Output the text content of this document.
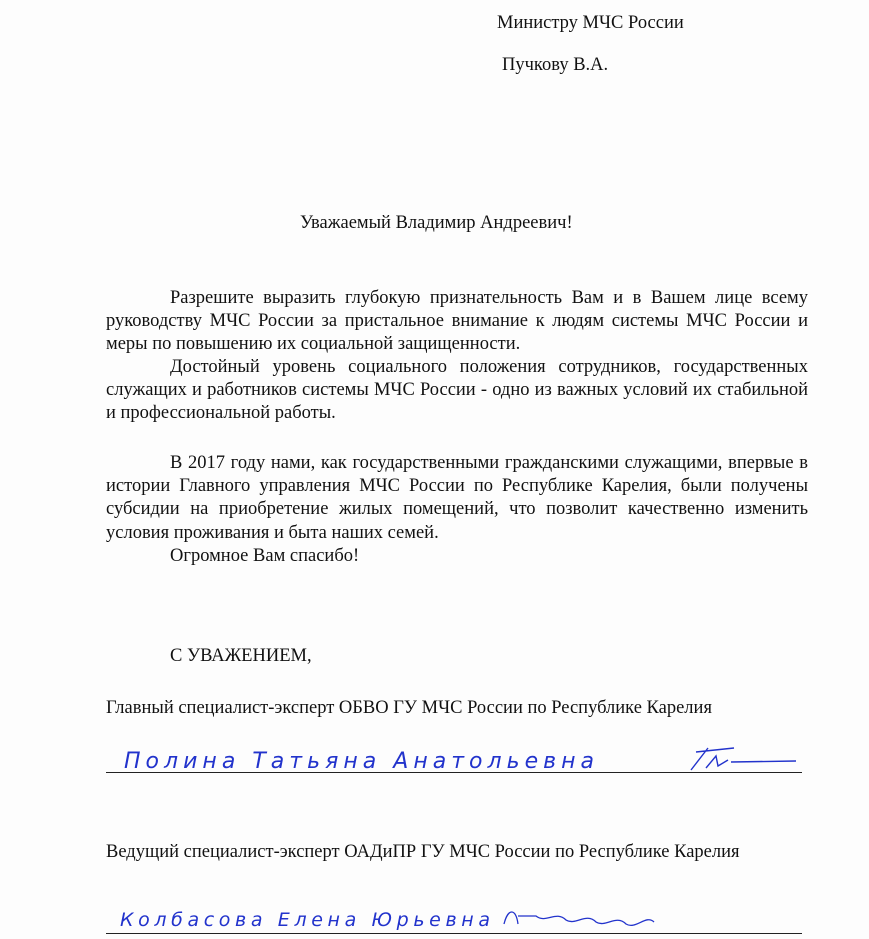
Министру МЧС России
Пучкову В.А.
Уважаемый Владимир Андреевич!
Разрешите выразить глубокую признательность Вам и в Вашем лице всему руководству МЧС России за пристальное внимание к людям системы МЧС России и меры по повышению их социальной защищенности.
Достойный уровень социального положения сотрудников, государственных служащих и работников системы МЧС России - одно из важных условий их стабильной и профессиональной работы.
В 2017 году нами, как государственными гражданскими служащими, впервые в истории Главного управления МЧС России по Республике Карелия, были получены субсидии на приобретение жилых помещений, что позволит качественно изменить условия проживания и быта наших семей.
Огромное Вам спасибо!
С УВАЖЕНИЕМ,
Главный специалист-эксперт ОБВО ГУ МЧС России по Республике Карелия
Полина Татьяна Анатольевна
Ведущий специалист-эксперт ОАДиПР ГУ МЧС России по Республике Карелия
Колбасова Елена Юрьевна
